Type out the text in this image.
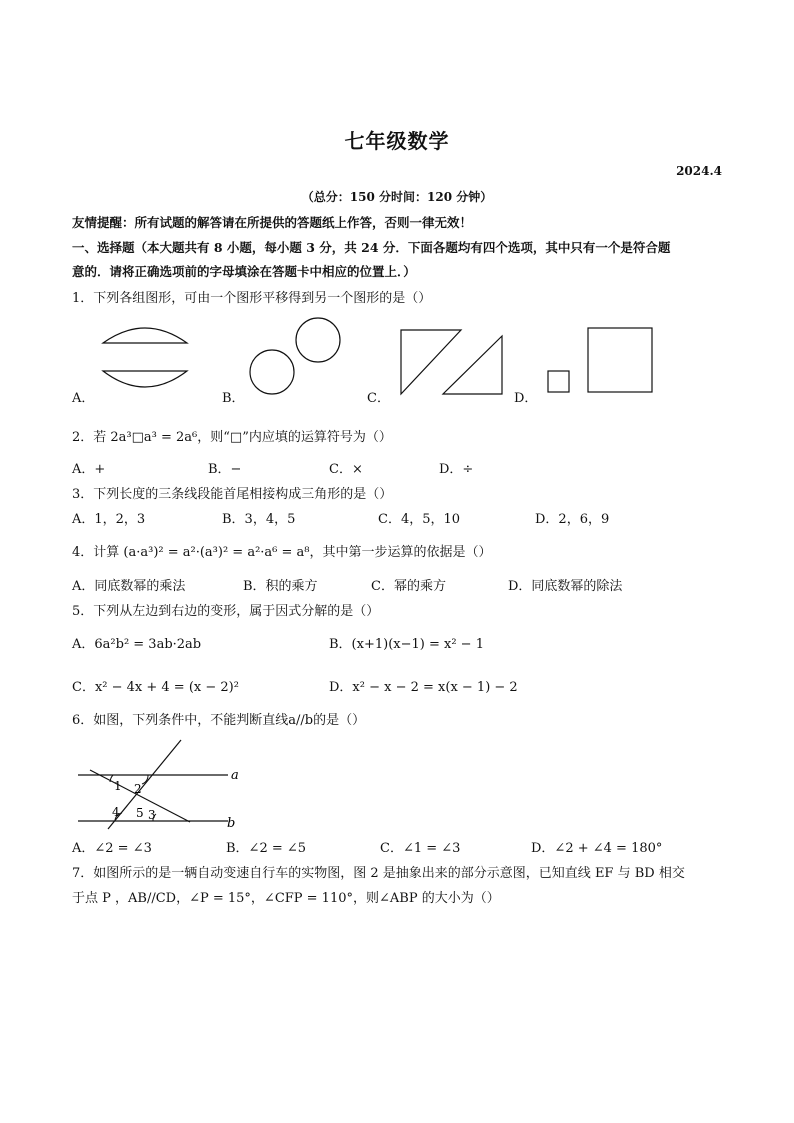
七年级数学
2024.4
（总分：150 分时间：120 分钟）
友情提醒：所有试题的解答请在所提供的答题纸上作答，否则一律无效！
一、选择题（本大题共有 8 小题，每小题 3 分，共 24 分．下面各题均有四个选项，其中只有一个是符合题
意的．请将正确选项前的字母填涂在答题卡中相应的位置上．）
1．下列各组图形，可由一个图形平移得到另一个图形的是（）
A．	B．	C．	D．
2．若 2a³□a³ = 2a⁶，则“□”内应填的运算符号为（）
A．+	B．−	C．×	D．÷
3．下列长度的三条线段能首尾相接构成三角形的是（）
A．1，2，3	B．3，4，5	C．4，5，10	D．2，6，9
4．计算 (a·a³)² = a²·(a³)² = a²·a⁶ = a⁸，其中第一步运算的依据是（）
A．同底数幂的乘法	B．积的乘方	C．幂的乘方	D．同底数幂的除法
5．下列从左边到右边的变形，属于因式分解的是（）
A．6a²b² = 3ab·2ab	B．(x+1)(x−1) = x² − 1
C．x² − 4x + 4 = (x − 2)²	D．x² − x − 2 = x(x − 1) − 2
6．如图，下列条件中，不能判断直线a//b的是（）
1 2
4 5 3
a
b
A．∠2 = ∠3	B．∠2 = ∠5	C．∠1 = ∠3	D．∠2 + ∠4 = 180°
7．如图所示的是一辆自动变速自行车的实物图，图 2 是抽象出来的部分示意图，已知直线 EF 与 BD 相交
于点 P ，AB//CD，∠P = 15°，∠CFP = 110°，则∠ABP 的大小为（）
